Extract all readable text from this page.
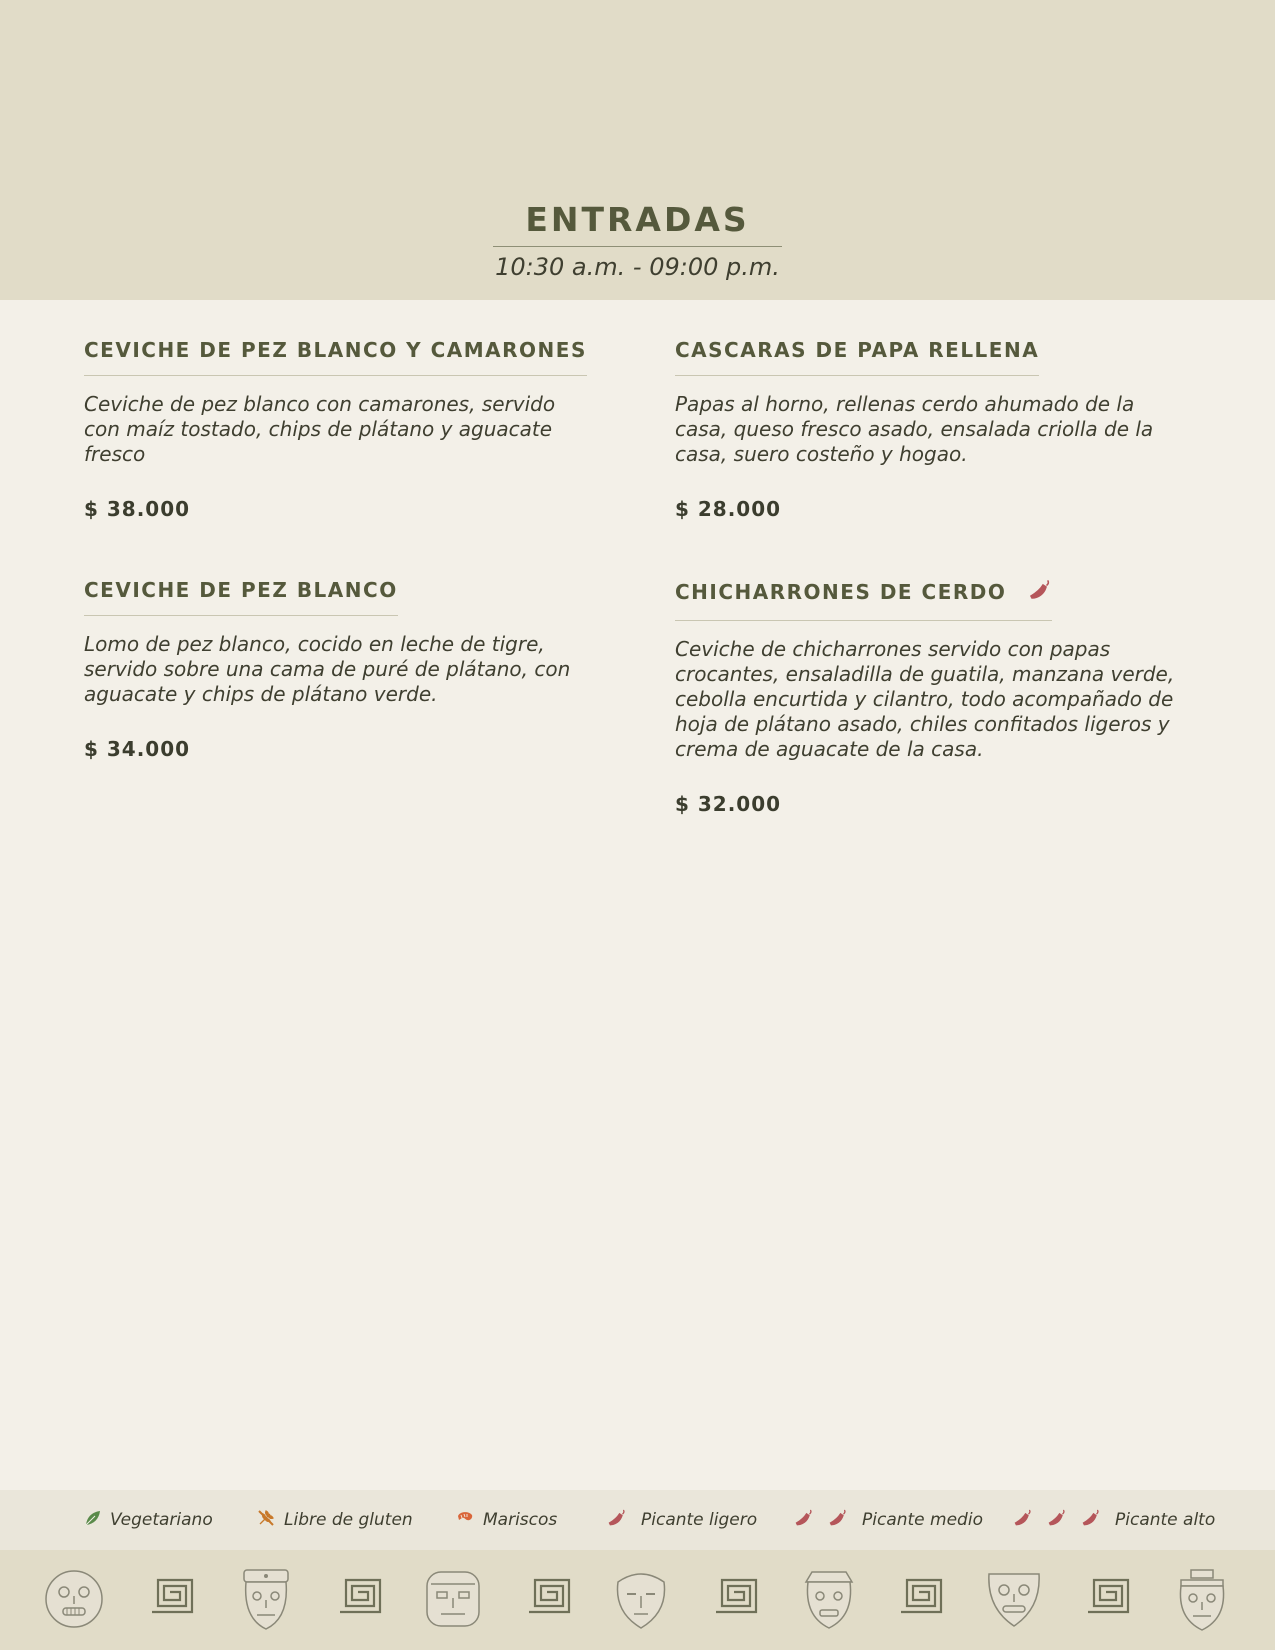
ENTRADAS
10:30 a.m. - 09:00 p.m.
CEVICHE DE PEZ BLANCO Y CAMARONES
Ceviche de pez blanco con camarones, servido con maíz tostado, chips de plátano y aguacate fresco
$ 38.000
CASCARAS DE PAPA RELLENA
Papas al horno, rellenas cerdo ahumado de la casa, queso fresco asado, ensalada criolla de la casa, suero costeño y hogao.
$ 28.000
CEVICHE DE PEZ BLANCO
Lomo de pez blanco, cocido en leche de tigre, servido sobre una cama de puré de plátano, con aguacate y chips de plátano verde.
$ 34.000
CHICHARRONES DE CERDO
Ceviche de chicharrones servido con papas crocantes, ensaladilla de guatila, manzana verde, cebolla encurtida y cilantro, todo acompañado de hoja de plátano asado, chiles confitados ligeros y crema de aguacate de la casa.
$ 32.000
Vegetariano	Libre de gluten	Mariscos	Picante ligero	Picante medio	Picante alto
